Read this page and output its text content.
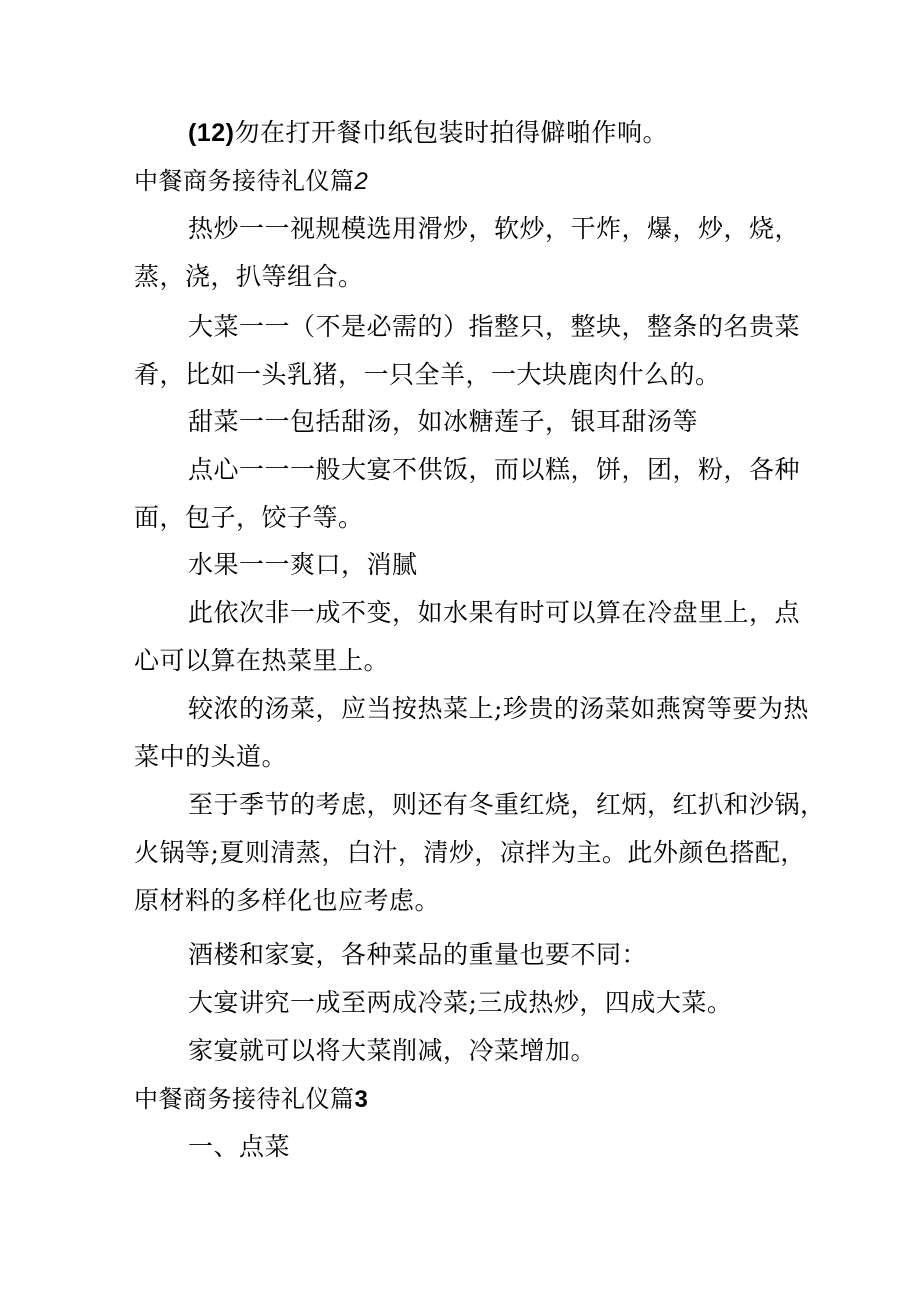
(12)勿在打开餐巾纸包装时拍得僻啪作响。
中餐商务接待礼仪篇2
热炒一一视规模选用滑炒，软炒，干炸，爆，炒，烧，
蒸，浇，扒等组合。
大菜一一（不是必需的）指整只，整块，整条的名贵菜
肴，比如一头乳猪，一只全羊，一大块鹿肉什么的。
甜菜一一包括甜汤，如冰糖莲子，银耳甜汤等
点心一一一般大宴不供饭，而以糕，饼，团，粉，各种
面，包子，饺子等。
水果一一爽口，消腻
此依次非一成不变，如水果有时可以算在冷盘里上，点
心可以算在热菜里上。
较浓的汤菜，应当按热菜上;珍贵的汤菜如燕窝等要为热
菜中的头道。
至于季节的考虑，则还有冬重红烧，红炳，红扒和沙锅，
火锅等;夏则清蒸，白汁，清炒，凉拌为主。此外颜色搭配，
原材料的多样化也应考虑。
酒楼和家宴，各种菜品的重量也要不同：
大宴讲究一成至两成冷菜;三成热炒，四成大菜。
家宴就可以将大菜削减，冷菜增加。
中餐商务接待礼仪篇3
一、点菜
